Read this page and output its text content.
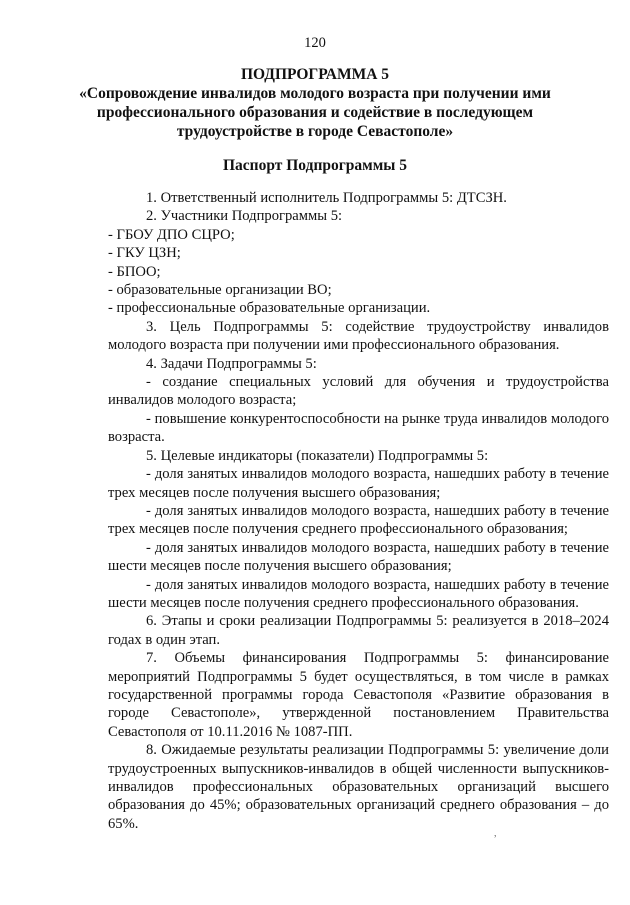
120
ПОДПРОГРАММА 5
«Сопровождение инвалидов молодого возраста при получении ими
профессионального образования и содействие в последующем
трудоустройстве в городе Севастополе»
Паспорт Подпрограммы 5

1. Ответственный исполнитель Подпрограммы 5: ДТСЗН.

2. Участники Подпрограммы 5:

- ГБОУ ДПО СЦРО;

- ГКУ ЦЗН;

- БПОО;

- образовательные организации ВО;

- профессиональные образовательные организации.

3. Цель Подпрограммы 5: содействие трудоустройству инвалидов молодого возраста при получении ими профессионального образования.

4. Задачи Подпрограммы 5:

- создание специальных условий для обучения и трудоустройства инвалидов молодого возраста;

- повышение конкурентоспособности на рынке труда инвалидов молодого возраста.

5. Целевые индикаторы (показатели) Подпрограммы 5:

- доля занятых инвалидов молодого возраста, нашедших работу в течение трех месяцев после получения высшего образования;

- доля занятых инвалидов молодого возраста, нашедших работу в течение трех месяцев после получения среднего профессионального образования;

- доля занятых инвалидов молодого возраста, нашедших работу в течение шести месяцев после получения высшего образования;

- доля занятых инвалидов молодого возраста, нашедших работу в течение шести месяцев после получения среднего профессионального образования.

6. Этапы и сроки реализации Подпрограммы 5: реализуется в 2018–2024 годах в один этап.

7. Объемы финансирования Подпрограммы 5: финансирование мероприятий Подпрограммы 5 будет осуществляться, в том числе в рамках государственной программы города Севастополя «Развитие образования в городе Севастополе», утвержденной постановлением Правительства Севастополя от 10.11.2016 № 1087-ПП.

8. Ожидаемые результаты реализации Подпрограммы 5: увеличение доли трудоустроенных выпускников-инвалидов в общей численности выпускников-инвалидов профессиональных образовательных организаций высшего образования до 45%; образовательных организаций среднего образования – до 65%.

,
